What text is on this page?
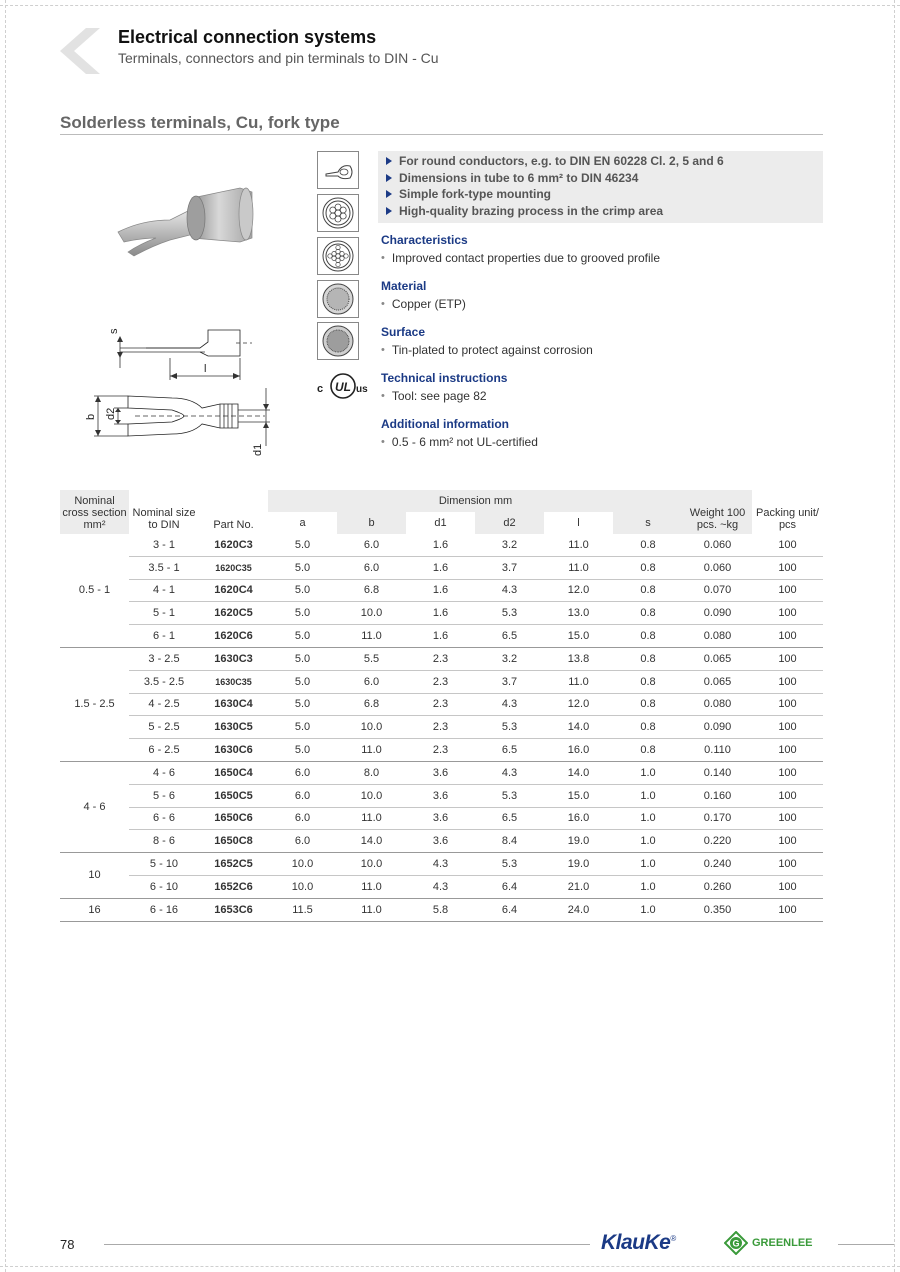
Electrical connection systems
Terminals, connectors and pin terminals to DIN - Cu
Solderless terminals, Cu, fork type
l
s
d1
b d2
c UL us
For round conductors, e.g. to DIN EN 60228 Cl. 2, 5 and 6
Dimensions in tube to 6 mm² to DIN 46234
Simple fork-type mounting
High-quality brazing process in the crimp area
Characteristics
• Improved contact properties due to grooved profile
Material
• Copper (ETP)
Surface
• Tin-plated to protect against corrosion
Technical instructions
• Tool: see page 82
Additional information
• 0.5 - 6 mm² not UL-certified
Nominal cross section mm²	Nominal size to DIN	Part No.	Dimension mm						Weight 100 pcs. ~kg	Packing unit/ pcs
			a	b	d1	d2	l	s		
0.5 - 1	3 - 1	1620C3	5.0	6.0	1.6	3.2	11.0	0.8	0.060	100
	3.5 - 1	1620C35	5.0	6.0	1.6	3.7	11.0	0.8	0.060	100
	4 - 1	1620C4	5.0	6.8	1.6	4.3	12.0	0.8	0.070	100
	5 - 1	1620C5	5.0	10.0	1.6	5.3	13.0	0.8	0.090	100
	6 - 1	1620C6	5.0	11.0	1.6	6.5	15.0	0.8	0.080	100
1.5 - 2.5	3 - 2.5	1630C3	5.0	5.5	2.3	3.2	13.8	0.8	0.065	100
	3.5 - 2.5	1630C35	5.0	6.0	2.3	3.7	11.0	0.8	0.065	100
	4 - 2.5	1630C4	5.0	6.8	2.3	4.3	12.0	0.8	0.080	100
	5 - 2.5	1630C5	5.0	10.0	2.3	5.3	14.0	0.8	0.090	100
	6 - 2.5	1630C6	5.0	11.0	2.3	6.5	16.0	0.8	0.110	100
4 - 6	4 - 6	1650C4	6.0	8.0	3.6	4.3	14.0	1.0	0.140	100
	5 - 6	1650C5	6.0	10.0	3.6	5.3	15.0	1.0	0.160	100
	6 - 6	1650C6	6.0	11.0	3.6	6.5	16.0	1.0	0.170	100
	8 - 6	1650C8	6.0	14.0	3.6	8.4	19.0	1.0	0.220	100
10	5 - 10	1652C5	10.0	10.0	4.3	5.3	19.0	1.0	0.240	100
	6 - 10	1652C6	10.0	11.0	4.3	6.4	21.0	1.0	0.260	100
16	6 - 16	1653C6	11.5	11.0	5.8	6.4	24.0	1.0	0.350	100
78	KlauKe®	G GREENLEE
